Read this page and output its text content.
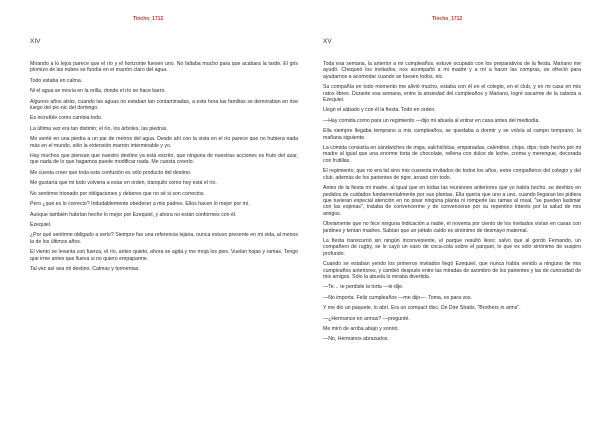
Tincho_1712	Tincho_1712
XIV

Mirando a lo lejos parece que el río y el horizonte fuesen uno. No faltaba mucho para que acabara la tarde. El gris plomizo de las nubes se fundía en el marrón claro del agua.

Todo estaba en calma.

Ni el agua se movía en la orilla, donde el río se hace barro.

Algunos años atrás, cuando las aguas no estaban tan contaminadas, a esta hora las familias se demoraban en irse luego del pic-nic del domingo.

Es increíble como cambia todo.

La última vez era tan distinto; el río, los árboles, las piedras.

Me senté en una piedra a un par de metros del agua. Desde ahí con la vista en el río parece que no hubiera nada más en el mundo, sólo la extensión marrón interminable y yo.

Hay muchos que piensan que nuestro destino ya está escrito, que ninguna de nuestras acciones es fruto del azar, que nada de lo que hagamos puede modificar nada. Me cuesta creerlo.

Me cuesta creer que toda esta confusión es sólo producto del destino.

Me gustaría que mi todo volviera a estar en orden, tranquilo como hoy está el río.

No sentirme trionado por obligaciones y deberes que no sé si son correctos.

Pero ¿qué es lo correcto? Indudablemente obedecer a mis padres. Ellos hacen lo mejor por mí.

Aunque también habrían hecho lo mejor por Ezequiel, y ahora no están conformes con él.

Ezequiel.

¿Por qué sentirme obligado a verlo? Siempre fue una referencia lejana, nunca estuvo presente en mi vida, al menos la de los últimos años.

El viento se levanta con fuerza, el río, antes quieto, ahora se agita y me moja los pies. Vuelan hojas y ramas. Tengo que irme antes que llueva si no quiero empaparme.

Tal vez así sea mi destino. Calmas y tormentas.

XV

Toda esa semana, la anterior a mi cumpleaños, estuve ocupado con los preparativos de la fiesta. Mariano me ayudó. Chequeó los invitados, nos acompañó a mi madre y a mí a hacer las compras, se ofreció para ayudarnos a acomodar cuando se fuesen todos, etc.

Su compañía en todo momento me alivió mucho, estaba con él en el colegio, en el club, y en mi casa en mis ratos libres. Durante esa semana, entre la ansiedad del cumpleaños y Mariano, logré sacarme de la cabeza a Ezequiel.

Llegó el sábado y con él la fiesta. Todo en orden.

—Hay comida como para un regimiento —dijo mi abuela al entrar en casa antes del mediodía.

Ella siempre llegaba temprano a mis cumpleaños, se quedaba a dormir y se volvía al campo temprano, la mañana siguiente.

La comida consistía en sándwiches de miga, salchichitas, empanadas, calentitos, chips, dips; todo hecho por mi madre al igual que una enorme torta de chocolate, rellena con dulce de leche, crema y merengue, decorada con frutillas.

El regimiento, que no era tal sino mis cuarenta invitados de todos los años, entre compañeros del colegio y del club, además de los parientes de rigor, arrasó con todo.

Antes de la fiesta mi madre, al igual que en todas las reuniones anteriores que yo había hecho, se deshizo en pedidos de cuidados fundamentalmente por sus plantas. Ella quería que uno a uno, cuando llegaran les pidiera que tuvieran especial atención en no pisar ninguna planta ni romperle las ramas al rosal, "se pueden lastimar con las espinas", trataba de convencerme y de convencerse por su repentino interés por la salud de mis amigos.

Obviamente que no hice ninguna indicación a nadie, el noventa por ciento de los invitados vivían en casas con jardines y tenían madres. Sabían que un pétalo caído es sinónimo de desmayo maternal.

La fiesta transcurrió sin ningún inconveniente, el parque resultó ileso; salvo que al gordo Fernando, un compañero de rugby, se le cayó un vaso de coca-cola sobre el parquet, lo que es sólo sinónimo de suspiro profundo.

Cuando se estaban yendo los primeros invitados llegó Ezequiel, que nunca había venido a ninguno de mis cumpleaños anteriores, y cambió después entre las miradas de asombro de los parientes y las de curiosidad de mis amigos. Sólo la abuela lo miraba divertida.

—Te… te perdiste la torta —le dije.

—No importa. Feliz cumpleaños —me dijo—. Toma, es para vos.

Y me dio un paquete, lo abrí. Era un compact disc. De Dire Straits, "Brothers in arms".

—¿Hermanos en armas? —pregunté.

Me miró de arriba abajo y sonrió.

—No, Hermanos abrazados.
